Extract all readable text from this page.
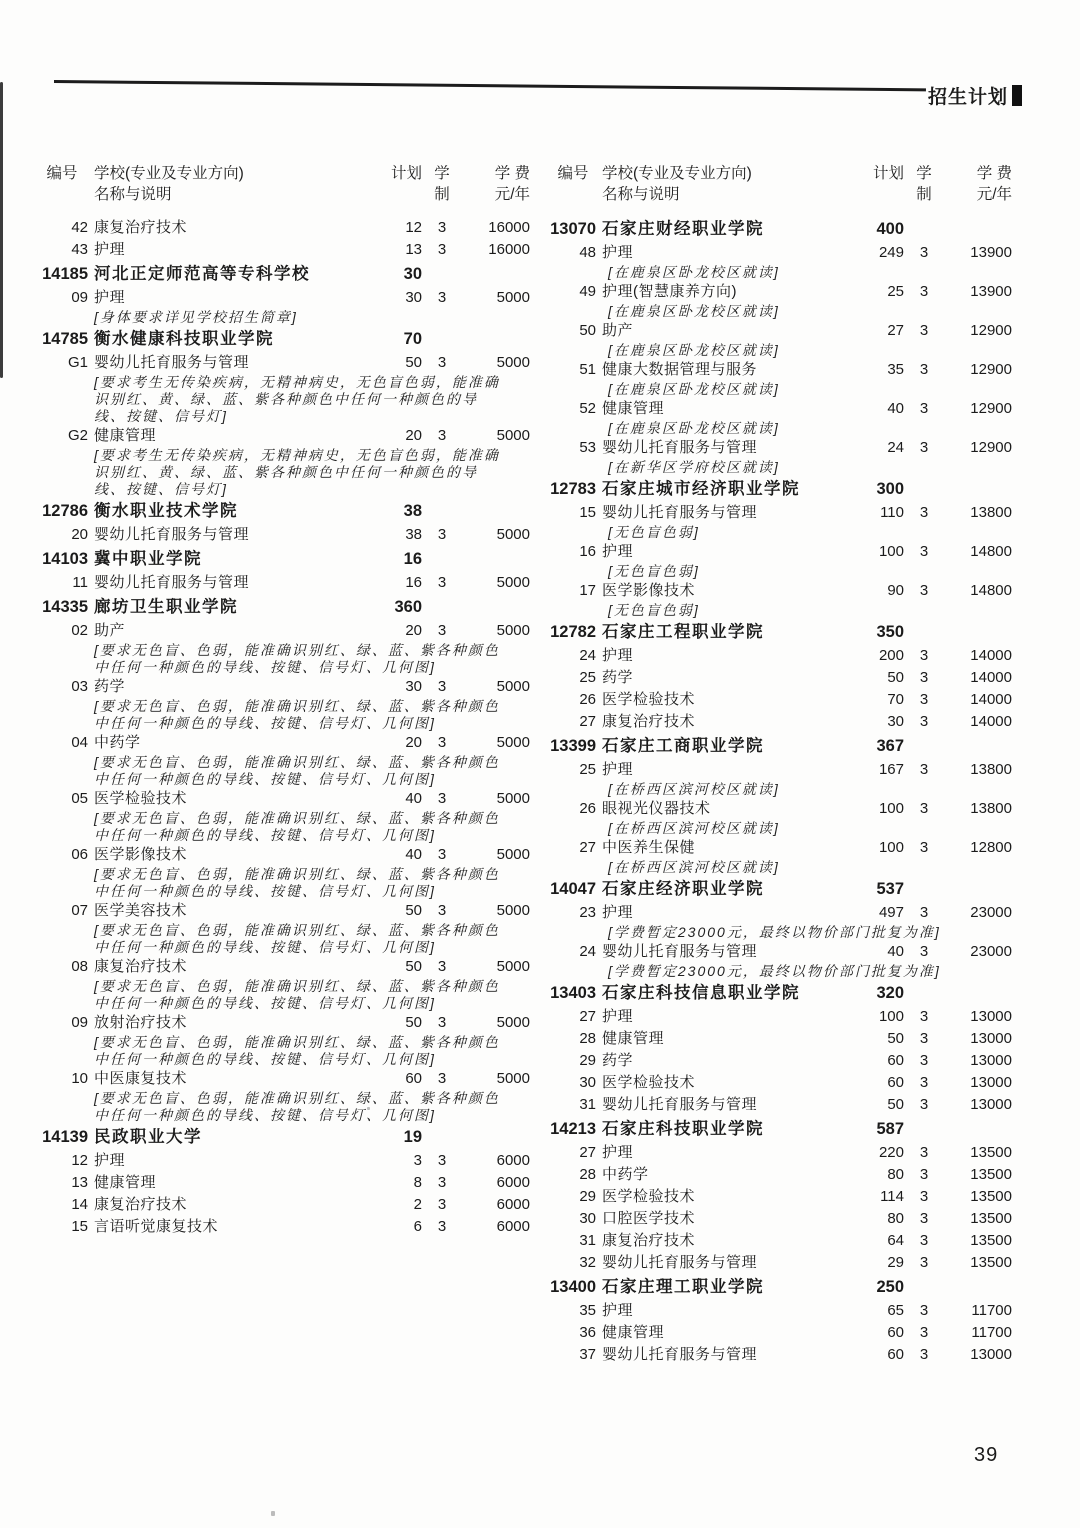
招生计划
编号	学校(专业及专业方向)
名称与说明
计划 学制
学 费
元/年
42 康复治疗技术	12	3	16000
43 护理	13	3	16000
14185 河北正定师范高等专科学校	30
09 护理	30	3	5000
[身体要求详见学校招生简章]
14785 衡水健康科技职业学院	70
G1 婴幼儿托育服务与管理	50	3	5000
[要求考生无传染疾病，无精神病史，无色盲色弱，能准确识别红、黄、绿、蓝、紫各种颜色中任何一种颜色的导线、按键、信号灯]
G2 健康管理	20	3	5000
[要求考生无传染疾病，无精神病史，无色盲色弱，能准确识别红、黄、绿、蓝、紫各种颜色中任何一种颜色的导线、按键、信号灯]
12786 衡水职业技术学院	38
20 婴幼儿托育服务与管理	38	3	5000
14103 冀中职业学院	16
11 婴幼儿托育服务与管理	16	3	5000
14335 廊坊卫生职业学院	360
02 助产	20	3	5000
[要求无色盲、色弱，能准确识别红、绿、蓝、紫各种颜色中任何一种颜色的导线、按键、信号灯、几何图]
03 药学	30	3	5000
[要求无色盲、色弱，能准确识别红、绿、蓝、紫各种颜色中任何一种颜色的导线、按键、信号灯、几何图]
04 中药学	20	3	5000
[要求无色盲、色弱，能准确识别红、绿、蓝、紫各种颜色中任何一种颜色的导线、按键、信号灯、几何图]
05 医学检验技术	40	3	5000
[要求无色盲、色弱，能准确识别红、绿、蓝、紫各种颜色中任何一种颜色的导线、按键、信号灯、几何图]
06 医学影像技术	40	3	5000
[要求无色盲、色弱，能准确识别红、绿、蓝、紫各种颜色中任何一种颜色的导线、按键、信号灯、几何图]
07 医学美容技术	50	3	5000
[要求无色盲、色弱，能准确识别红、绿、蓝、紫各种颜色中任何一种颜色的导线、按键、信号灯、几何图]
08 康复治疗技术	50	3	5000
[要求无色盲、色弱，能准确识别红、绿、蓝、紫各种颜色中任何一种颜色的导线、按键、信号灯、几何图]
09 放射治疗技术	50	3	5000
[要求无色盲、色弱，能准确识别红、绿、蓝、紫各种颜色中任何一种颜色的导线、按键、信号灯、几何图]
10 中医康复技术	60	3	5000
[要求无色盲、色弱，能准确识别红、绿、蓝、紫各种颜色中任何一种颜色的导线、按键、信号灯、几何图]
14139 民政职业大学	19
12 护理	3	3	6000
13 健康管理	8	3	6000
14 康复治疗技术	2	3	6000
15 言语听觉康复技术	6	3	6000
编号 学校(专业及专业方向)
名称与说明
计划 学制
学 费
元/年
13070 石家庄财经职业学院	400
48 护理	249	3	13900
[在鹿泉区卧龙校区就读]
49 护理(智慧康养方向)	25	3	13900
[在鹿泉区卧龙校区就读]
50 助产	27	3	12900
[在鹿泉区卧龙校区就读]
51 健康大数据管理与服务	35	3	12900
[在鹿泉区卧龙校区就读]
52 健康管理	40	3	12900
[在鹿泉区卧龙校区就读]
53 婴幼儿托育服务与管理	24	3	12900
[在新华区学府校区就读]
12783 石家庄城市经济职业学院	300
15 婴幼儿托育服务与管理	110	3	13800
[无色盲色弱]
16 护理	100	3	14800
[无色盲色弱]
17 医学影像技术	90	3	14800
[无色盲色弱]
12782 石家庄工程职业学院	350
24 护理	200	3	14000
25 药学	50	3	14000
26 医学检验技术	70	3	14000
27 康复治疗技术	30	3	14000
13399 石家庄工商职业学院	367
25 护理	167	3	13800
[在桥西区滨河校区就读]
26 眼视光仪器技术	100	3	13800
[在桥西区滨河校区就读]
27 中医养生保健	100	3	12800
[在桥西区滨河校区就读]
14047 石家庄经济职业学院	537
23 护理	497	3	23000
[学费暂定23000元，最终以物价部门批复为准]
24 婴幼儿托育服务与管理	40	3	23000
[学费暂定23000元，最终以物价部门批复为准]
13403 石家庄科技信息职业学院	320
27 护理	100	3	13000
28 健康管理	50	3	13000
29 药学	60	3	13000
30 医学检验技术	60	3	13000
31 婴幼儿托育服务与管理	50	3	13000
14213 石家庄科技职业学院	587
27 护理	220	3	13500
28 中药学	80	3	13500
29 医学检验技术	114	3	13500
30 口腔医学技术	80	3	13500
31 康复治疗技术	64	3	13500
32 婴幼儿托育服务与管理	29	3	13500
13400 石家庄理工职业学院	250
35 护理	65	3	11700
36 健康管理	60	3	11700
37 婴幼儿托育服务与管理	60	3	13000
39
